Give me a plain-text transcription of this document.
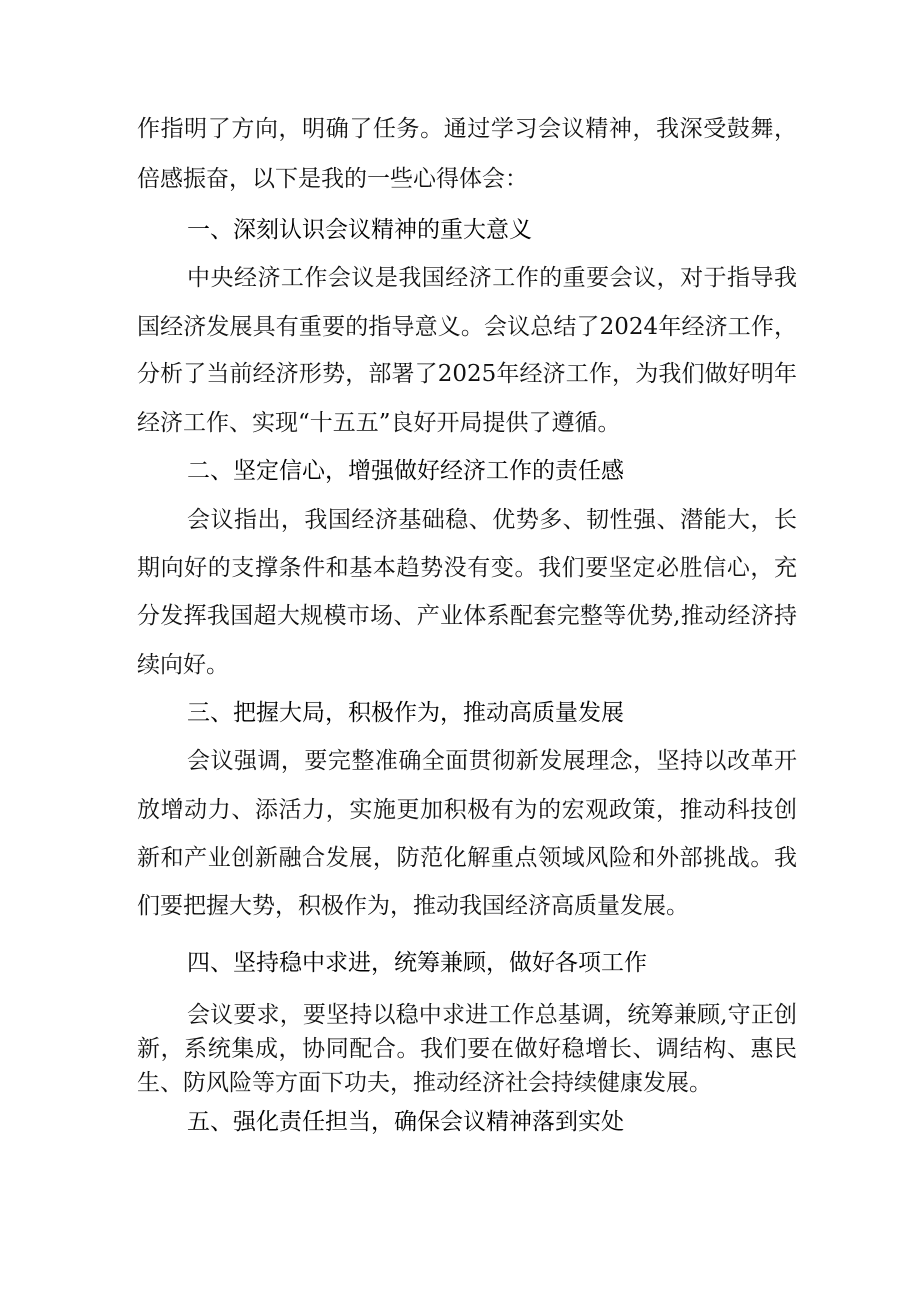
作指明了方向，明确了任务。通过学习会议精神，我深受鼓舞，

倍感振奋，以下是我的一些心得体会：

一、深刻认识会议精神的重大意义

中央经济工作会议是我国经济工作的重要会议，对于指导我

国经济发展具有重要的指导意义。会议总结了2024年经济工作，

分析了当前经济形势，部署了2025年经济工作，为我们做好明年

经济工作、实现“十五五”良好开局提供了遵循。

二、坚定信心，增强做好经济工作的责任感

会议指出，我国经济基础稳、优势多、韧性强、潜能大，长

期向好的支撑条件和基本趋势没有变。我们要坚定必胜信心，充

分发挥我国超大规模市场、产业体系配套完整等优势,推动经济持

续向好。

三、把握大局，积极作为，推动高质量发展

会议强调，要完整准确全面贯彻新发展理念，坚持以改革开

放增动力、添活力，实施更加积极有为的宏观政策，推动科技创

新和产业创新融合发展，防范化解重点领域风险和外部挑战。我

们要把握大势，积极作为，推动我国经济高质量发展。

四、坚持稳中求进，统筹兼顾，做好各项工作

会议要求，要坚持以稳中求进工作总基调，统筹兼顾,守正创

新，系统集成，协同配合。我们要在做好稳增长、调结构、惠民

生、防风险等方面下功夫，推动经济社会持续健康发展。

五、强化责任担当，确保会议精神落到实处
